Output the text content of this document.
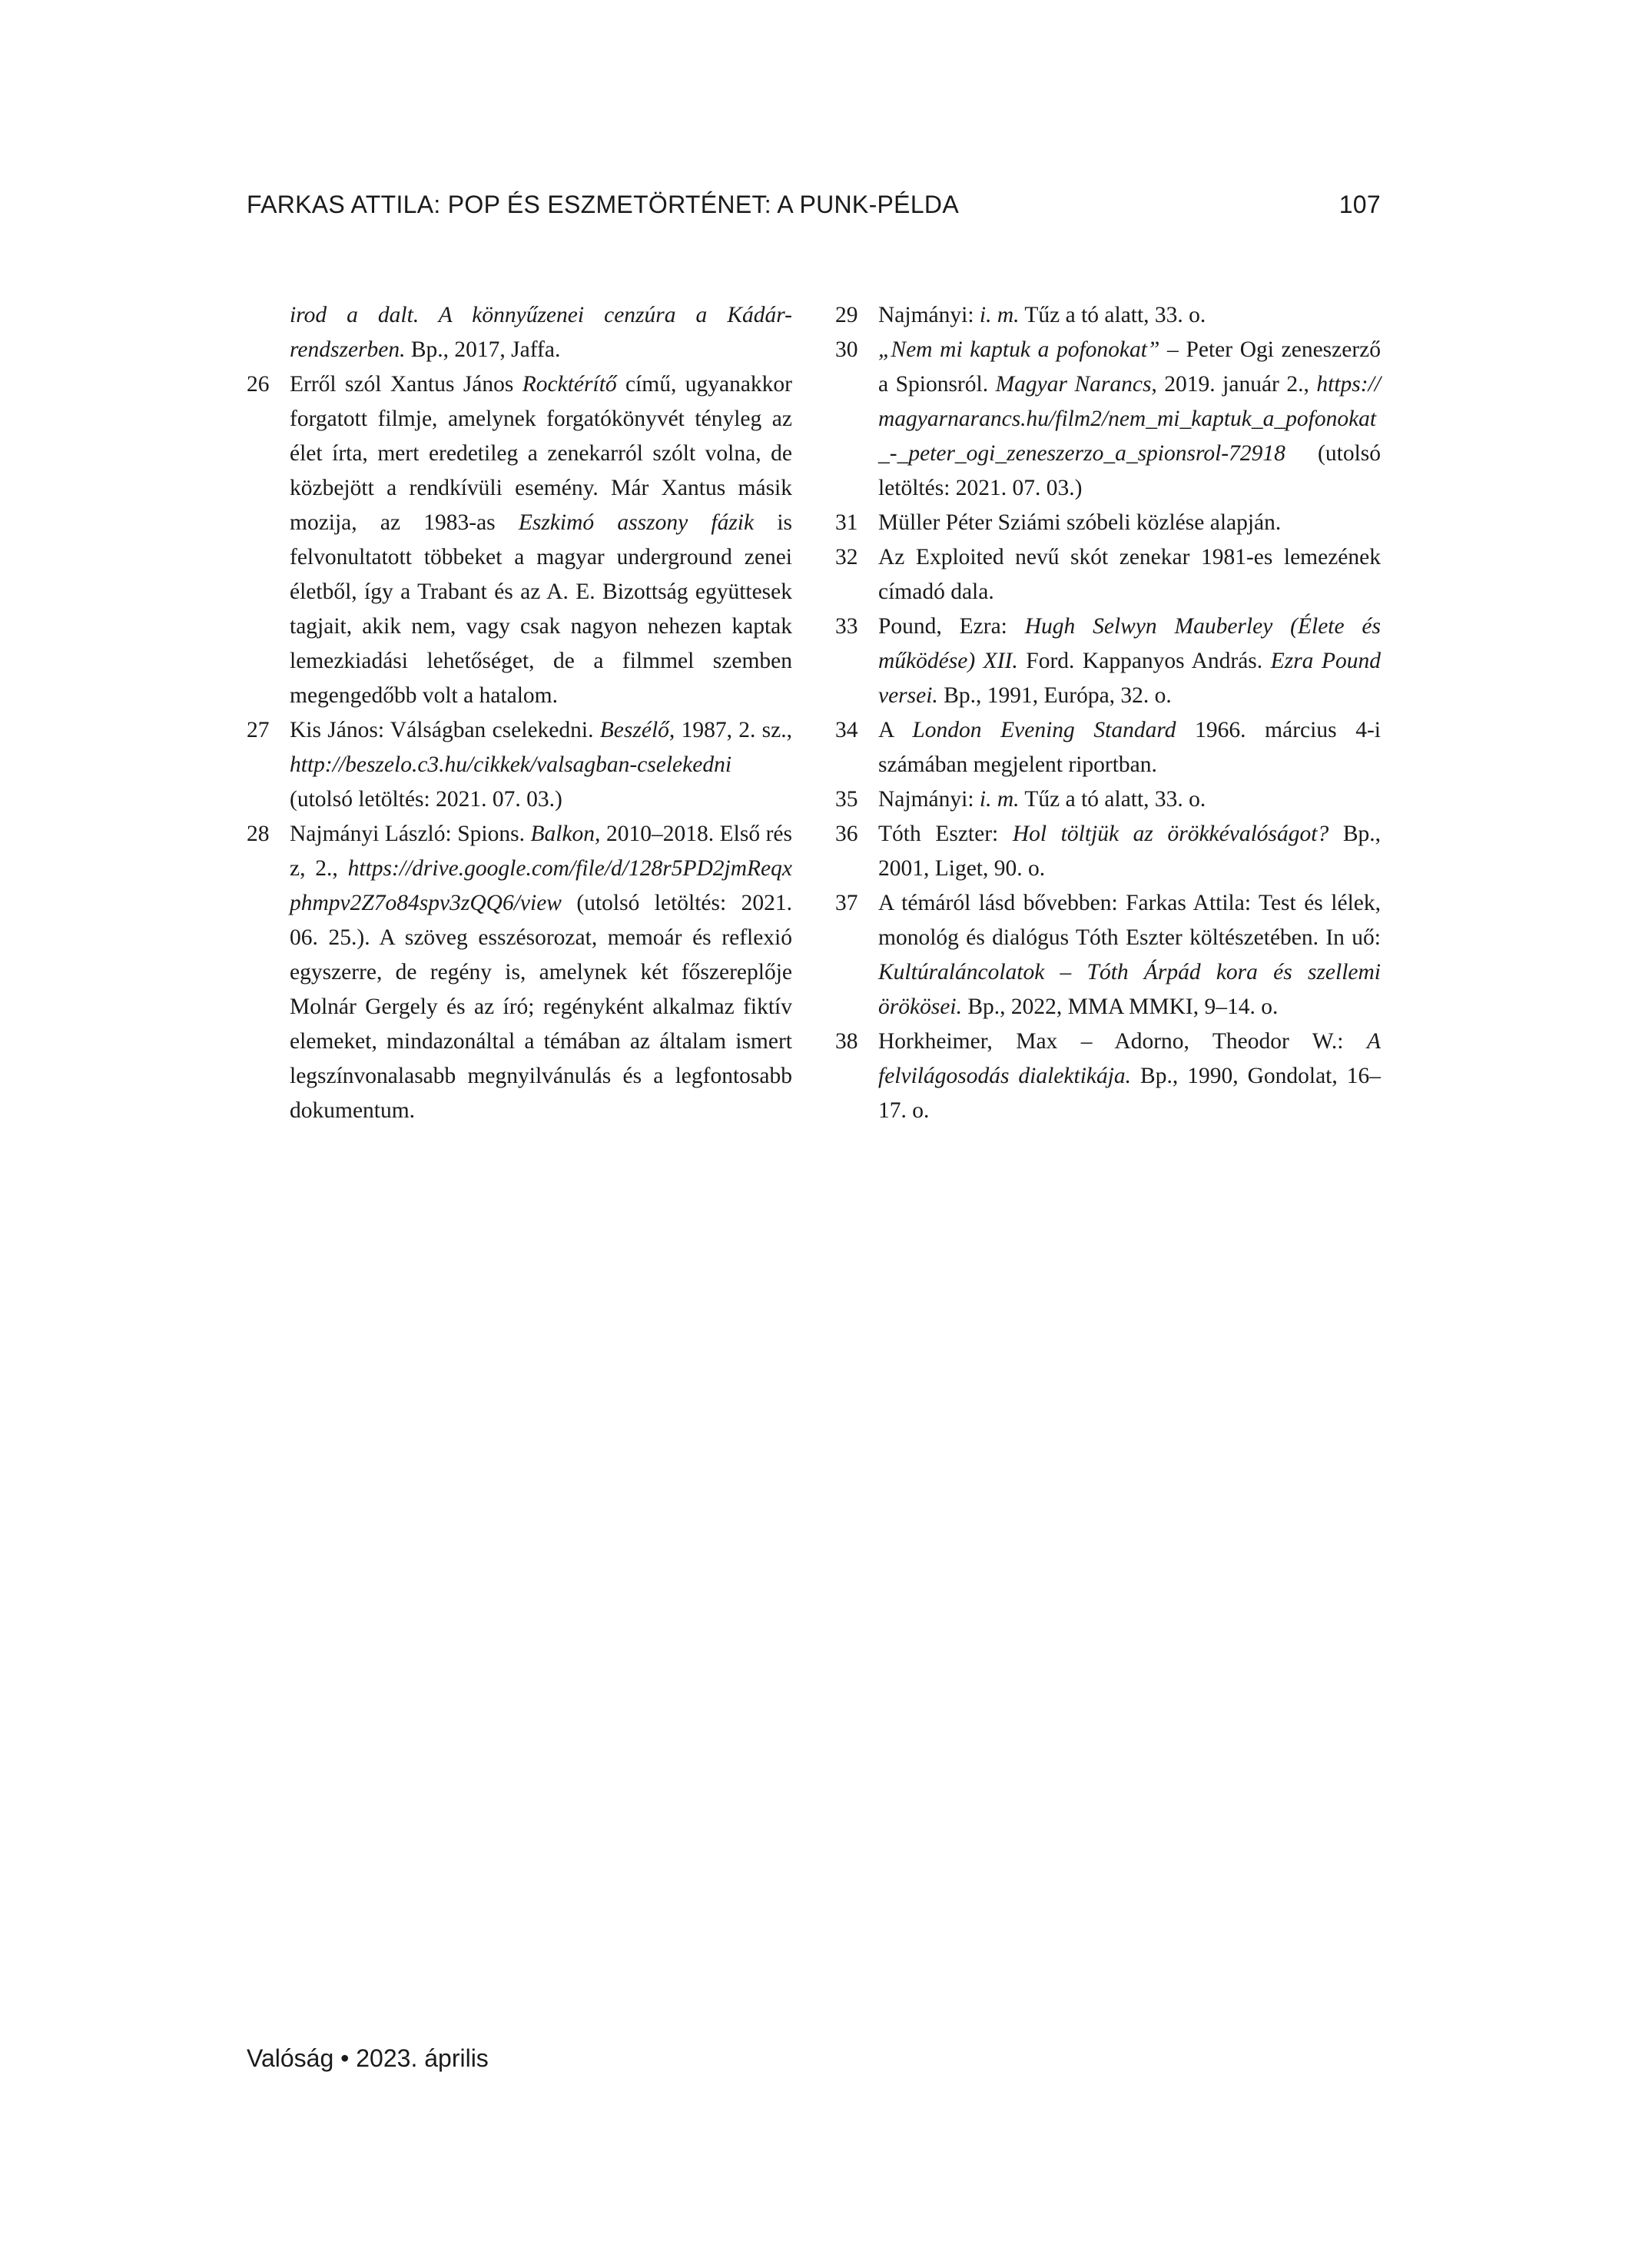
FARKAS ATTILA: POP ÉS ESZMETÖRTÉNET: A PUNK-PÉLDA	107
irod a dalt. A könnyűzenei cenzúra a Kádár-rendszerben. Bp., 2017, Jaffa.
26 Erről szól Xantus János Rocktérítő című, ugyanakkor forgatott filmje, amelynek forgatókönyvét tényleg az élet írta, mert eredetileg a zenekarról szólt volna, de közbejött a rendkívüli esemény. Már Xantus másik mozija, az 1983-as Eszkimó asszony fázik is felvonultatott többeket a magyar underground zenei életből, így a Trabant és az A. E. Bizottság együttesek tagjait, akik nem, vagy csak nagyon nehezen kaptak lemezkiadási lehetőséget, de a filmmel szemben megengedőbb volt a hatalom.
27 Kis János: Válságban cselekedni. Beszélő, 1987, 2. sz., http://beszelo.c3.hu/cikkek/valsagban-cselekedni (utolsó letöltés: 2021. 07. 03.)
28 Najmányi László: Spions. Balkon, 2010–2018. Első rész, 2., https://drive.google.com/file/d/128r5PD2jmReqxphmpv2Z7o84spv3zQQ6/view (utolsó letöltés: 2021. 06. 25.). A szöveg esszésorozat, memoár és reflexió egyszerre, de regény is, amelynek két főszereplője Molnár Gergely és az író; regényként alkalmaz fiktív elemeket, mindazonáltal a témában az általam ismert legszínvonalasabb megnyilvánulás és a legfontosabb dokumentum.
29 Najmányi: i. m. Tűz a tó alatt, 33. o.
30 „Nem mi kaptuk a pofonokat” – Peter Ogi zeneszerző a Spionsról. Magyar Narancs, 2019. január 2., https://magyarnarancs.hu/film2/nem_mi_kaptuk_a_pofonokat_-_peter_ogi_zeneszerzo_a_spionsrol-72918 (utolsó letöltés: 2021. 07. 03.)
31 Müller Péter Sziámi szóbeli közlése alapján.
32 Az Exploited nevű skót zenekar 1981-es lemezének címadó dala.
33 Pound, Ezra: Hugh Selwyn Mauberley (Élete és működése) XII. Ford. Kappanyos András. Ezra Pound versei. Bp., 1991, Európa, 32. o.
34 A London Evening Standard 1966. március 4-i számában megjelent riportban.
35 Najmányi: i. m. Tűz a tó alatt, 33. o.
36 Tóth Eszter: Hol töltjük az örökkévalóságot? Bp., 2001, Liget, 90. o.
37 A témáról lásd bővebben: Farkas Attila: Test és lélek, monológ és dialógus Tóth Eszter költészetében. In uő: Kultúraláncolatok – Tóth Árpád kora és szellemi örökösei. Bp., 2022, MMA MMKI, 9–14. o.
38 Horkheimer, Max – Adorno, Theodor W.: A felvilágosodás dialektikája. Bp., 1990, Gondolat, 16–17. o.
Valóság • 2023. április
